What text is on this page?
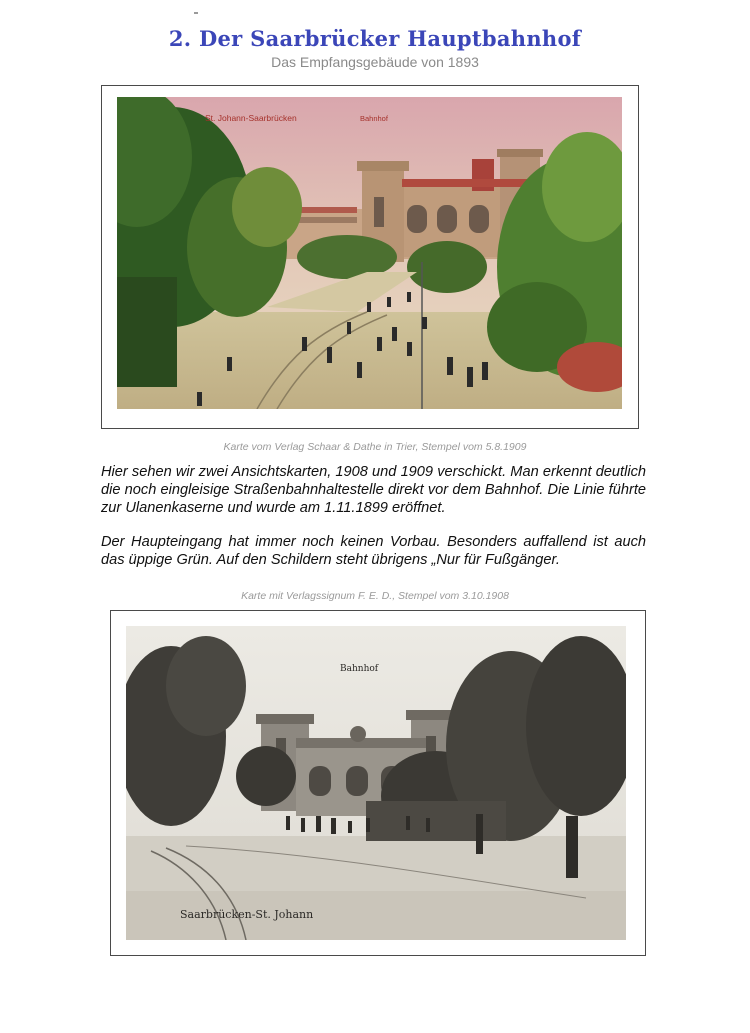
2. Der Saarbrücker Hauptbahnhof
Das Empfangsgebäude von 1893
St. Johann-Saarbrücken	Bahnhof
Karte vom Verlag Schaar & Dathe in Trier, Stempel vom 5.8.1909
Hier sehen wir zwei Ansichtskarten, 1908 und 1909 verschickt. Man erkennt deutlich die noch eingleisige Straßenbahnhaltestelle direkt vor dem Bahnhof. Die Linie führte zur Ulanenkaserne und wurde am 1.11.1899 eröffnet.
Der Haupteingang hat immer noch keinen Vorbau. Besonders auffallend ist auch das üppige Grün. Auf den Schildern steht übrigens „Nur für Fußgänger.
Karte mit Verlagssignum F. E. D., Stempel vom 3.10.1908
Bahnhof
Saarbrücken-St. Johann
